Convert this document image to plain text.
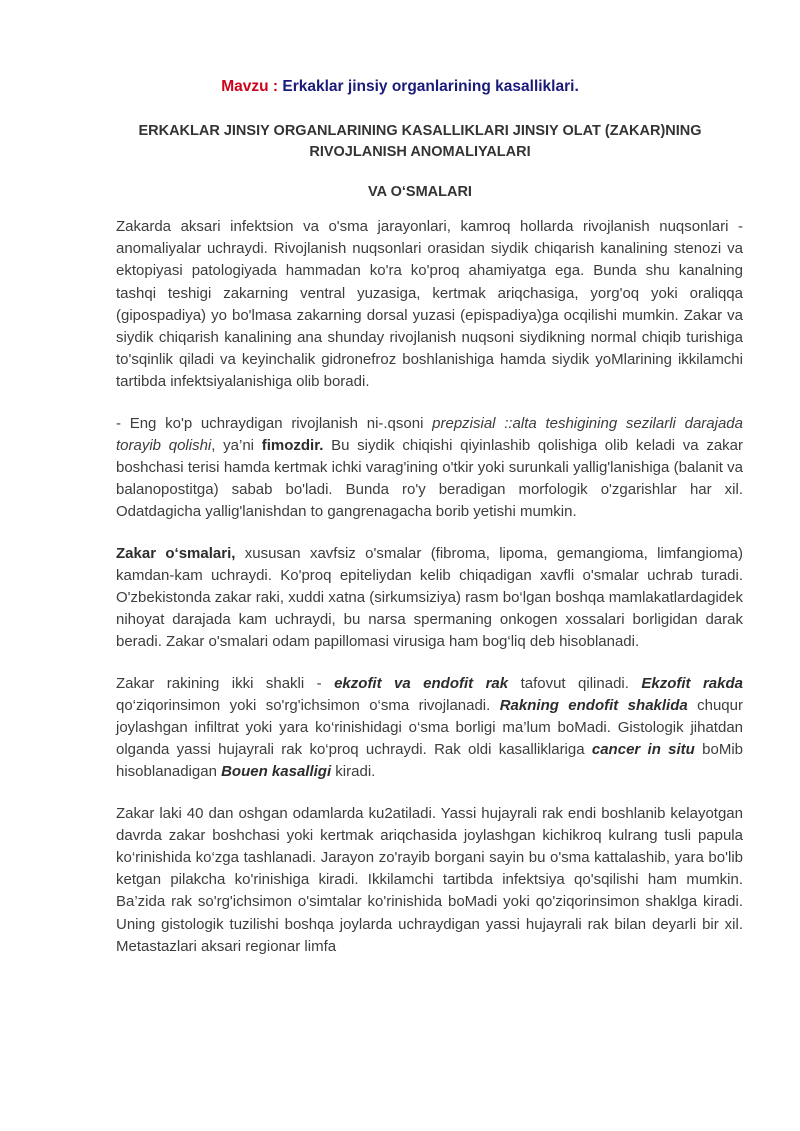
Mavzu : Erkaklar jinsiy organlarining kasalliklari.
ERKAKLAR JINSIY ORGANLARINING KASALLIKLARI JINSIY OLAT (ZAKAR)NING RIVOJLANISH ANOMALIYALARI
VA O‘SMALARI

Zakarda aksari infektsion va o'sma jarayonlari, kamroq hollarda rivojlanish nuqsonlari - anomaliyalar uchraydi. Rivojlanish nuqsonlari orasidan siydik chiqarish kanalining stenozi va ektopiyasi patologiyada hammadan ko'ra ko'proq ahamiyatga ega. Bunda shu kanalning tashqi teshigi zakarning ventral yuzasiga, kertmak ariqchasiga, yorg'oq yoki oraliqqa (gipospadiya) yo bo'lmasa zakarning dorsal yuzasi (epispadiya)ga ocqilishi mumkin. Zakar va siydik chiqarish kanalining ana shunday rivojlanish nuqsoni siydikning normal chiqib turishiga to'sqinlik qiladi va keyinchalik gidronefroz boshlanishiga hamda siydik yoMlarining ikkilamchi tartibda infektsiyalanishiga olib boradi.

- Eng ko'p uchraydigan rivojlanish ni-.qsoni prepzisial ::alta teshigining sezilarli darajada torayib qolishi, ya’ni fimozdir. Bu siydik chiqishi qiyinlashib qolishiga olib keladi va zakar boshchasi terisi hamda kertmak ichki varag'ining o'tkir yoki surunkali yallig'lanishiga (balanit va balanopostitga) sabab bo'ladi. Bunda ro'y beradigan morfologik o'zgarishlar har xil. Odatdagicha yallig'lanishdan to gangrenagacha borib yetishi mumkin.

Zakar o‘smalari, xususan xavfsiz o'smalar (fibroma, lipoma, gemangioma, limfangioma) kamdan-kam uchraydi. Ko'proq epiteliydan kelib chiqadigan xavfli o'smalar uchrab turadi. O'zbekistonda zakar raki, xuddi xatna (sirkumsiziya) rasm bo‘lgan boshqa mamlakatlardagidek nihoyat darajada kam uchraydi, bu narsa spermaning onkogen xossalari borligidan darak beradi. Zakar o'smalari odam papillomasi virusiga ham bog‘liq deb hisoblanadi.

Zakar rakining ikki shakli - ekzofit va endofit rak tafovut qilinadi. Ekzofit rakda qo‘ziqorinsimon yoki so'rg'ichsimon o‘sma rivojlanadi. Rakning endofit shaklida chuqur joylashgan infiltrat yoki yara ko‘rinishidagi o‘sma borligi ma’lum boMadi. Gistologik jihatdan olganda yassi hujayrali rak ko‘proq uchraydi. Rak oldi kasalliklariga cancer in situ boMib hisoblanadigan Bouen kasalligi kiradi.

Zakar laki 40 dan oshgan odamlarda ku2atiladi. Yassi hujayrali rak endi boshlanib kelayotgan davrda zakar boshchasi yoki kertmak ariqchasida joylashgan kichikroq kulrang tusli papula ko‘rinishida ko‘zga tashlanadi. Jarayon zo'rayib borgani sayin bu o'sma kattalashib, yara bo'lib ketgan pilakcha ko'rinishiga kiradi. Ikkilamchi tartibda infektsiya qo'sqilishi ham mumkin. Ba’zida rak so'rg'ichsimon o'simtalar ko'rinishida boMadi yoki qo'ziqorinsimon shaklga kiradi. Uning gistologik tuzilishi boshqa joylarda uchraydigan yassi hujayrali rak bilan deyarli bir xil. Metastazlari aksari regionar limfa
